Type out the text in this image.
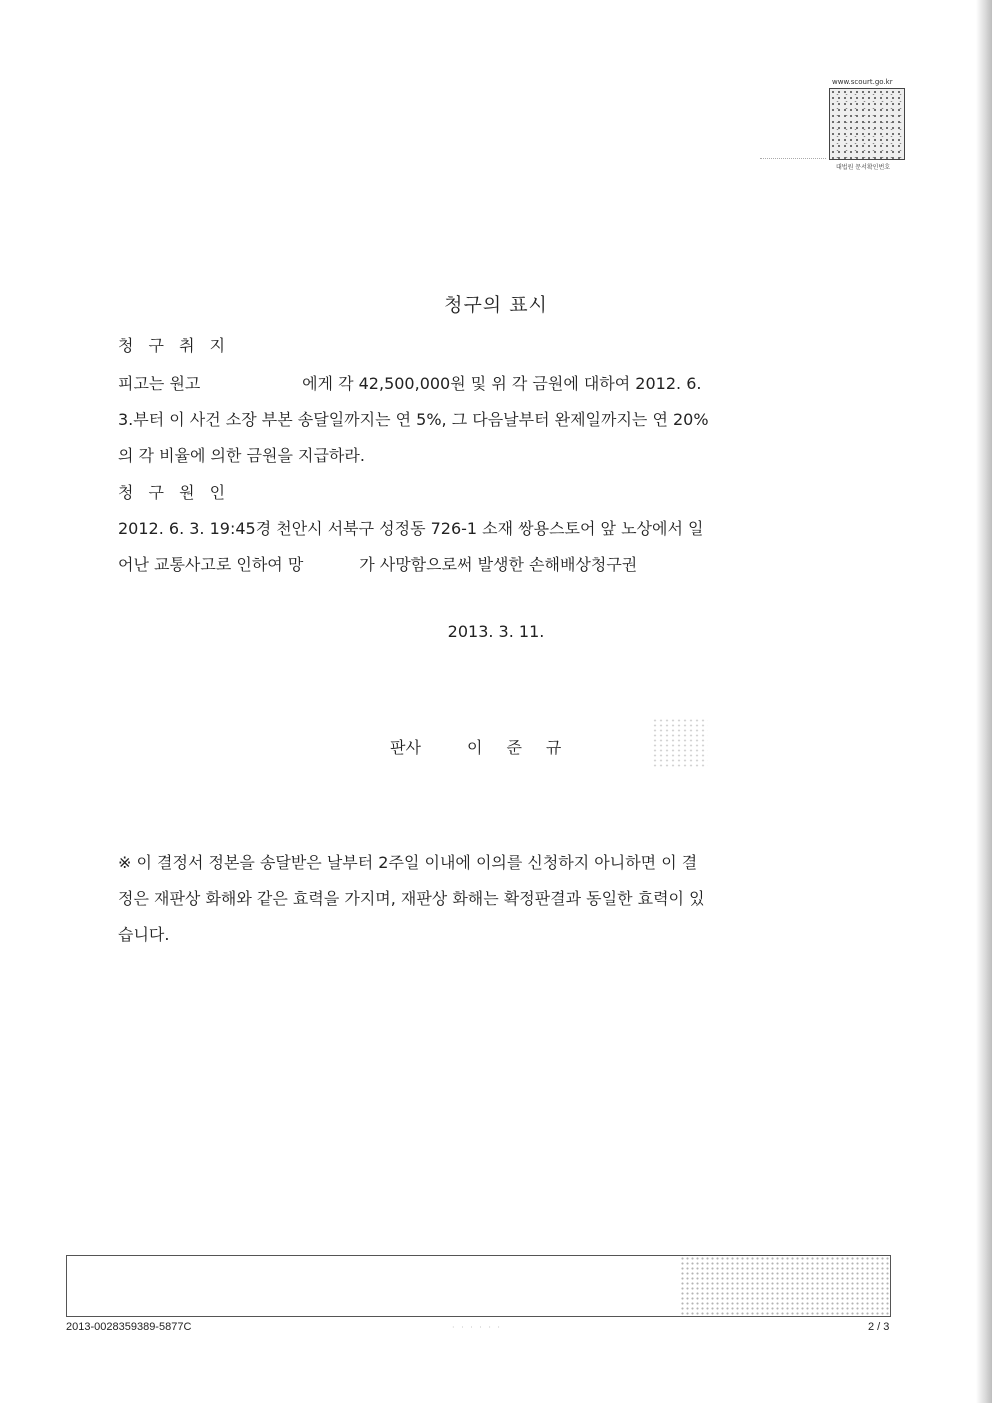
www.scourt.go.kr
대법원 문서확인번호
청구의 표시
청 구 취 지
피고는 원고                    에게 각 42,500,000원 및 위 각 금원에 대하여 2012. 6.
3.부터 이 사건 소장 부본 송달일까지는 연 5%, 그 다음날부터 완제일까지는 연 20%
의 각 비율에 의한 금원을 지급하라.
청 구 원 인
2012. 6. 3. 19:45경 천안시 서북구 성정동 726-1 소재 쌍용스토어 앞 노상에서 일
어난 교통사고로 인하여 망           가 사망함으로써 발생한 손해배상청구권
2013. 3. 11.
판사	이준규
※ 이 결정서 정본을 송달받은 날부터 2주일 이내에 이의를 신청하지 아니하면 이 결
정은 재판상 화해와 같은 효력을 가지며, 재판상 화해는 확정판결과 동일한 효력이 있
습니다.
2013-0028359389-5877C	· · · · · ·	2 / 3
